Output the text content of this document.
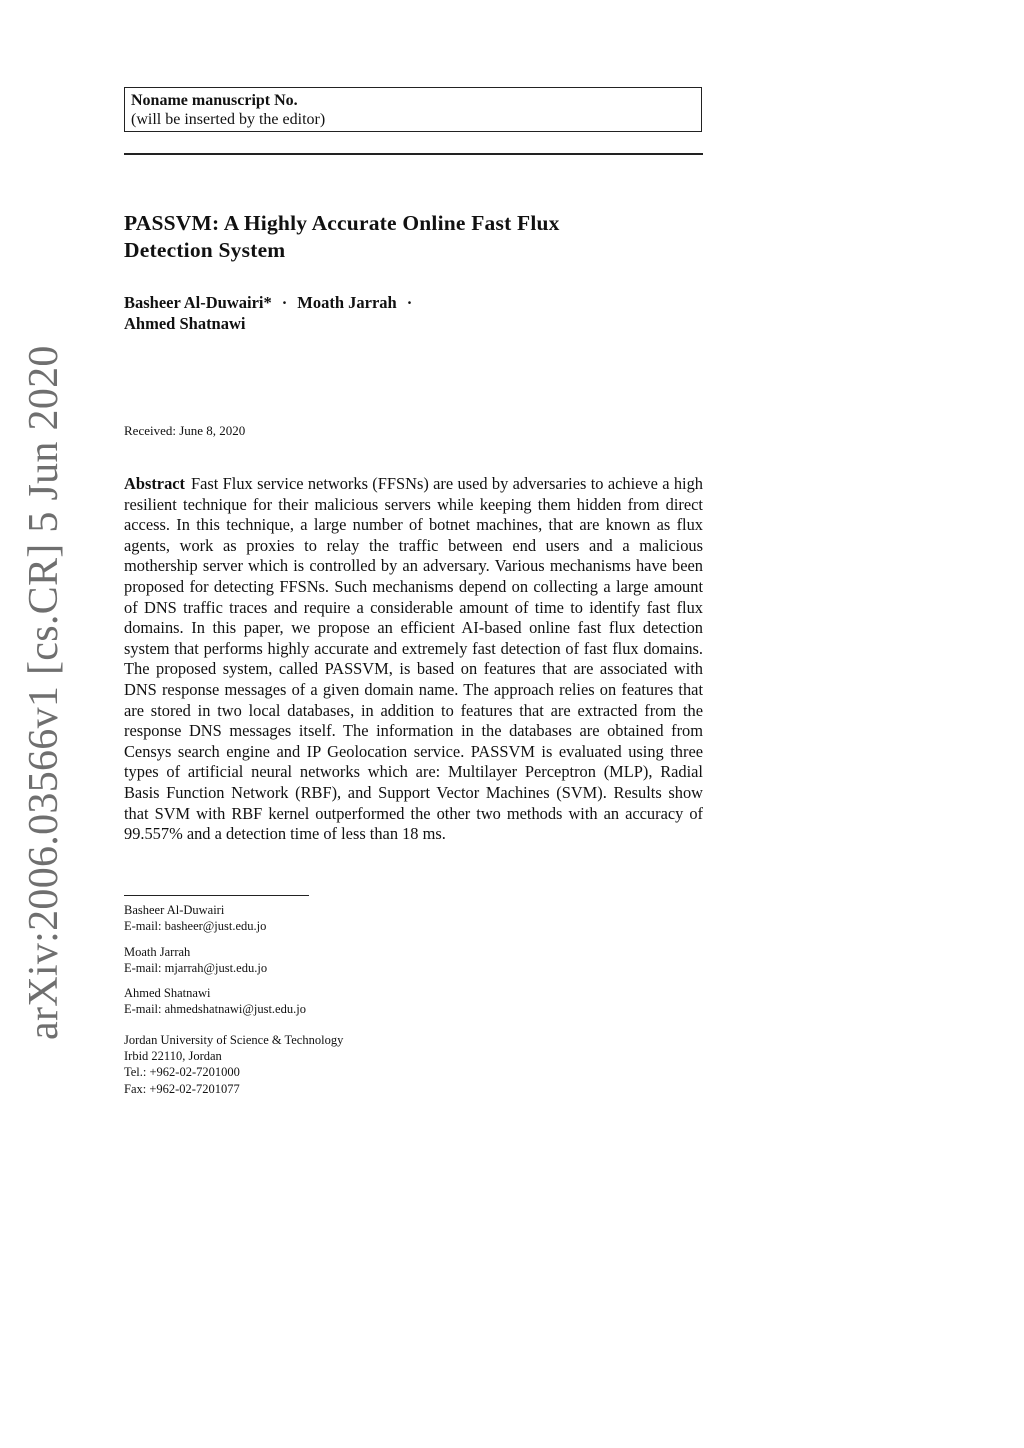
Noname manuscript No.
(will be inserted by the editor)
PASSVM: A Highly Accurate Online Fast Flux
Detection System
Basheer Al-Duwairi* · Moath Jarrah ·
Ahmed Shatnawi
Received: June 8, 2020
Abstract Fast Flux service networks (FFSNs) are used by adversaries to achieve a high resilient technique for their malicious servers while keeping them hidden from direct access. In this technique, a large number of botnet machines, that are known as flux agents, work as proxies to relay the traffic between end users and a malicious mothership server which is controlled by an adversary. Various mechanisms have been proposed for detecting FFSNs. Such mechanisms depend on collecting a large amount of DNS traffic traces and require a considerable amount of time to identify fast flux domains. In this paper, we propose an efficient AI-based online fast flux detection system that performs highly accurate and extremely fast detection of fast flux domains. The proposed system, called PASSVM, is based on features that are associated with DNS response messages of a given domain name. The approach relies on features that are stored in two local databases, in addition to features that are extracted from the response DNS messages itself. The information in the databases are obtained from Censys search engine and IP Geolocation service. PASSVM is evaluated using three types of artificial neural networks which are: Multilayer Perceptron (MLP), Radial Basis Function Network (RBF), and Support Vector Machines (SVM). Results show that SVM with RBF kernel outperformed the other two methods with an accuracy of 99.557% and a detection time of less than 18 ms.
Basheer Al-Duwairi
E-mail: basheer@just.edu.jo
Moath Jarrah
E-mail: mjarrah@just.edu.jo
Ahmed Shatnawi
E-mail: ahmedshatnawi@just.edu.jo
Jordan University of Science & Technology
Irbid 22110, Jordan
Tel.: +962-02-7201000
Fax: +962-02-7201077
arXiv:2006.03566v1 [cs.CR] 5 Jun 2020
